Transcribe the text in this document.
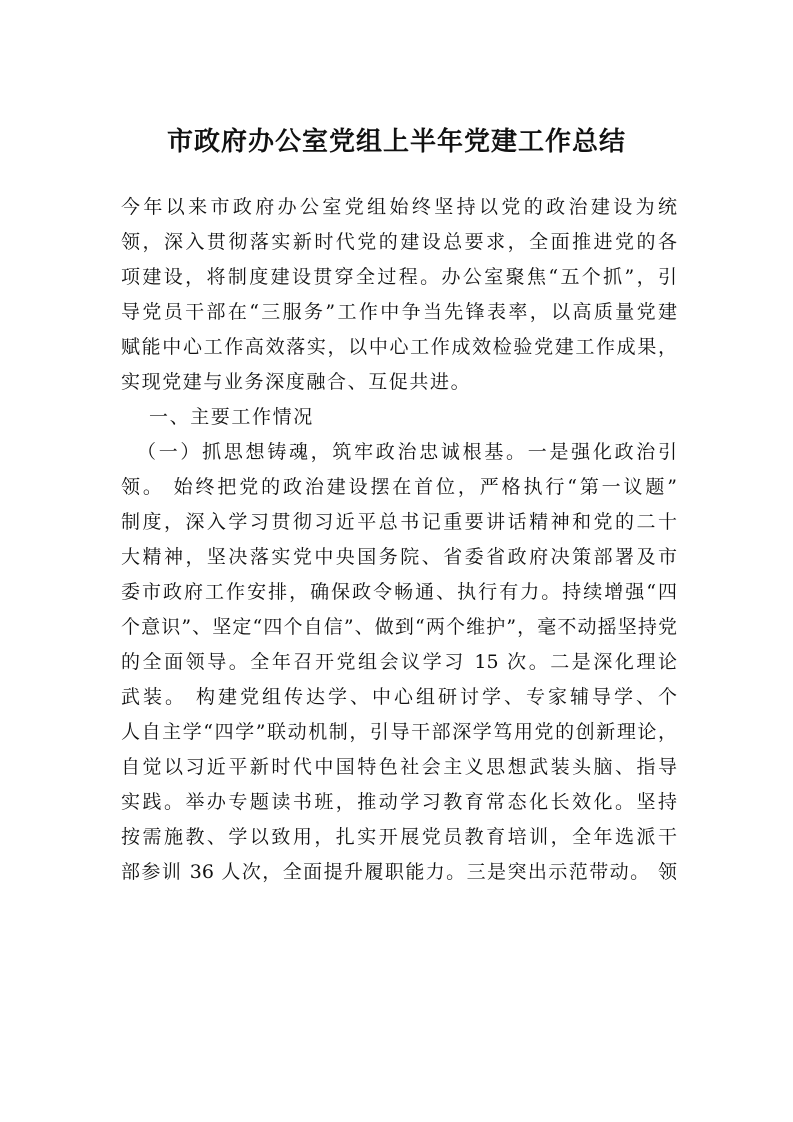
市政府办公室党组上半年党建工作总结
今年以来市政府办公室党组始终坚持以党的政治建设为统
领，深入贯彻落实新时代党的建设总要求，全面推进党的各
项建设，将制度建设贯穿全过程。办公室聚焦“五个抓”，引
导党员干部在“三服务”工作中争当先锋表率，以高质量党建
赋能中心工作高效落实，以中心工作成效检验党建工作成果，
实现党建与业务深度融合、互促共进。
一、主要工作情况
（一）抓思想铸魂，筑牢政治忠诚根基。一是强化政治引
领。 始终把党的政治建设摆在首位，严格执行“第一议题”
制度，深入学习贯彻习近平总书记重要讲话精神和党的二十
大精神，坚决落实党中央国务院、省委省政府决策部署及市
委市政府工作安排，确保政令畅通、执行有力。持续增强“四
个意识”、坚定“四个自信”、做到“两个维护”，毫不动摇坚持党
的全面领导。全年召开党组会议学习 15 次。二是深化理论
武装。 构建党组传达学、中心组研讨学、专家辅导学、个
人自主学“四学”联动机制，引导干部深学笃用党的创新理论，
自觉以习近平新时代中国特色社会主义思想武装头脑、指导
实践。举办专题读书班，推动学习教育常态化长效化。坚持
按需施教、学以致用，扎实开展党员教育培训，全年选派干
部参训 36 人次，全面提升履职能力。三是突出示范带动。 领
